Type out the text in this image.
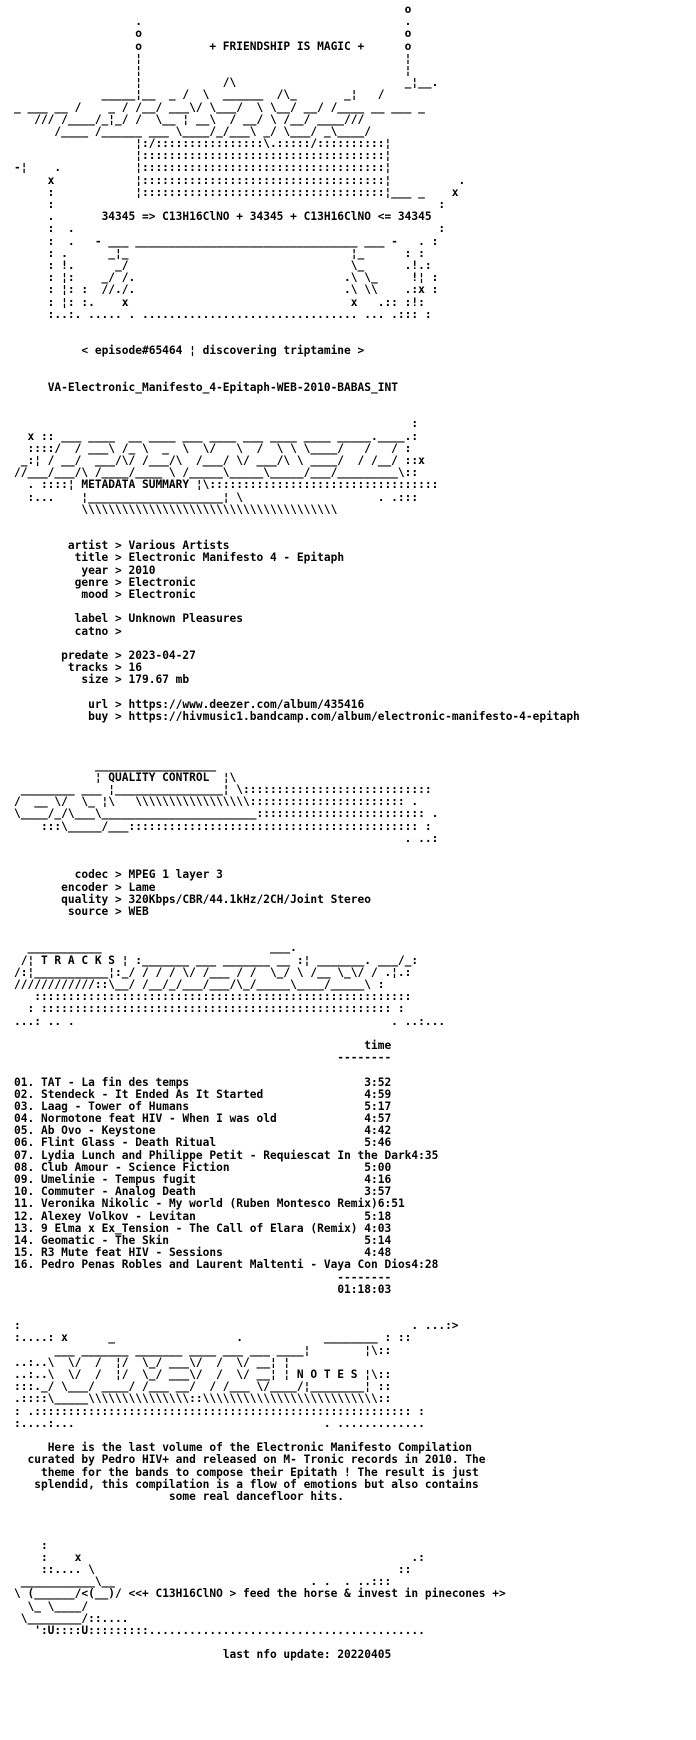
o
.                                       .
o                                       o
o          + FRIENDSHIP IS MAGIC +      o
¦                                       ¦
¦                                       ¦
¦            /\                         _¦__.
_____¦__  _ /  \  ______  /\_       _¦   /
_ ___ __ /    _ / /__/ ___\/ \___/  \ \__/ __/ /____ __ ___ _
/// /____/_¦_/ /  \__ ¦ __\  / __/ \ /__/ ____///
/____ /______ ___ \____/_/___\ _/ \___/ _\____/
¦:/::::::::::::::::\.:::::/::::::::::¦
¦::::::::::::::::::::::::::::::::::::¦
-¦    .           ¦::::::::::::::::::::::::::::::::::::¦
x            ¦::::::::::::::::::::::::::::::::::::¦          .
:            ¦::::::::::::::::::::::::::::::::::::¦___ _    x
:                                                         :
.       34345 => C13H16ClNO + 34345 + C13H16ClNO <= 34345
:  .                                                      :
:  .   - ___ _________________________________ ___ -   . :
: .      _¦_                                 ¦_      : :
: !.      _/                                 \_      .!.:
: ¦:    _/ /.                               .\ \_     !¦ :
: ¦: :  //./.                               .\ \\    .:x :
: ¦: :.    x                                 x   .:: :!:
:..:. ..... . ................................ ... .::: :
< episode#65464 ¦ discovering triptamine >
VA-Electronic_Manifesto_4-Epitaph-WEB-2010-BABAS_INT
:
x :: ___ ____  __ ____ ___ ____ ___ ____ ____ _____.____.:
::::/  / ___\ /_ \  _  \  \/   \  /  \ \ \____/   /   / :
_:¦ / __/  ___/\/ /___/\  /___/ \/ ___/\ \ ____/  / /__/ ::x
//___/___/\ /____/____ \ /_____\_____\_____/___/_________\::
. ::::¦ METADATA SUMMARY ¦\::::::::::::::::::::::::::::::::::
:...    ¦____________________¦ \                    . .:::
\\\\\\\\\\\\\\\\\\\\\\\\\\\\\\\\\\\\\\
artist > Various Artists
title > Electronic Manifesto 4 - Epitaph
year > 2010
genre > Electronic
mood > Electronic
label > Unknown Pleasures
catno >
predate > 2023-04-27
tracks > 16
size > 179.67 mb
url > https://www.deezer.com/album/435416
buy > https://hivmusic1.bandcamp.com/album/electronic-manifesto-4-epitaph
__________________
¦ QUALITY CONTROL  ¦\
________ ___ ¦________________¦ \::::::::::::::::::::::::::::
/  __ \/  \_ ¦\   \\\\\\\\\\\\\\\\\::::::::::::::::::::::: .
\____/_/\___\_______________________::::::::::::::::::::::::: .
:::\_____/___::::::::::::::::::::::::::::::::::::::::::: :
. ..:
codec > MPEG 1 layer 3
encoder > Lame
quality > 320Kbps/CBR/44.1kHz/2CH/Joint Stereo
source > WEB
___________                         ___.
/¦ T R A C K S ¦ :_______ ___ _______ __ :¦ _______. ___/_:
/:¦___________¦:_/ / / / \/ /___ / /  \_/ \ /__ \_\/ / .¦.:
////////////::\__/ /__/_/___/___/\_/_____\____/_____\ :
::::::::::::::::::::::::::::::::::::::::::::::::::::::::
: :::::::::::::::::::::::::::::::::::::::::::::::::::: :
...: .. .                                               . ..:...
time
--------
01. TAT - La fin des temps	3:52
02. Stendeck - It Ended As It Started	4:59
03. Laag - Tower of Humans	5:17
04. Normotone feat HIV - When I was old	4:57
05. Ab Ovo - Keystone	4:42
06. Flint Glass - Death Ritual	5:46
07. Lydia Lunch and Philippe Petit - Requiescat In the Dark4:35
08. Club Amour - Science Fiction	5:00
09. Umelinie - Tempus fugit	4:16
10. Commuter - Analog Death	3:57
11. Veronika Nikolic - My world (Ruben Montesco Remix)6:51
12. Alexey Volkov - Levitan	5:18
13. 9 Elma x Ex_Tension - The Call of Elara (Remix) 4:03
14. Geomatic - The Skin	5:14
15. R3 Mute feat HIV - Sessions	4:48
16. Pedro Penas Robles and Laurent Maltenti - Vaya Con Dios4:28
--------
01:18:03
:                                                          . ...:>
:....: x      _                  .            ________ : ::
___ _______ _______ ____ ___ ___ ____¦        ¦\::
..:..\  \/  /  ¦/  \_/ ___\/  /  \/ __¦ ¦
..:..\  \/  /  ¦/  \_/ ___\/  /  \/ __¦ ¦ N O T E S ¦\::
:::._/ \___/ ____/ /___ __/  / /___ \/____/¦________¦ ::
.::::\_____\\\\\\\\\\\\\\\::\\\\\\\\\\\\\\\\\\\\\\\\\\::
: .:::::::::::::::::::::::::::::::::::::::::::::::::::::::: :
:....:...                                     . .............
Here is the last volume of the Electronic Manifesto Compilation
curated by Pedro HIV+ and released on M- Tronic records in 2010. The
theme for the bands to compose their Epitath ! The result is just
splendid, this compilation is a flow of emotions but also contains
some real dancefloor hits.
:
:    x                                                 .:
::.... \                                             ::
___________\__                             . .  . ..:::
\ (______/<(__)/ <<+ C13H16ClNO > feed the horse & invest in pinecones +>
\_ \____/
\________/::....
':U::::U:::::::::.........................................
last nfo update: 20220405
